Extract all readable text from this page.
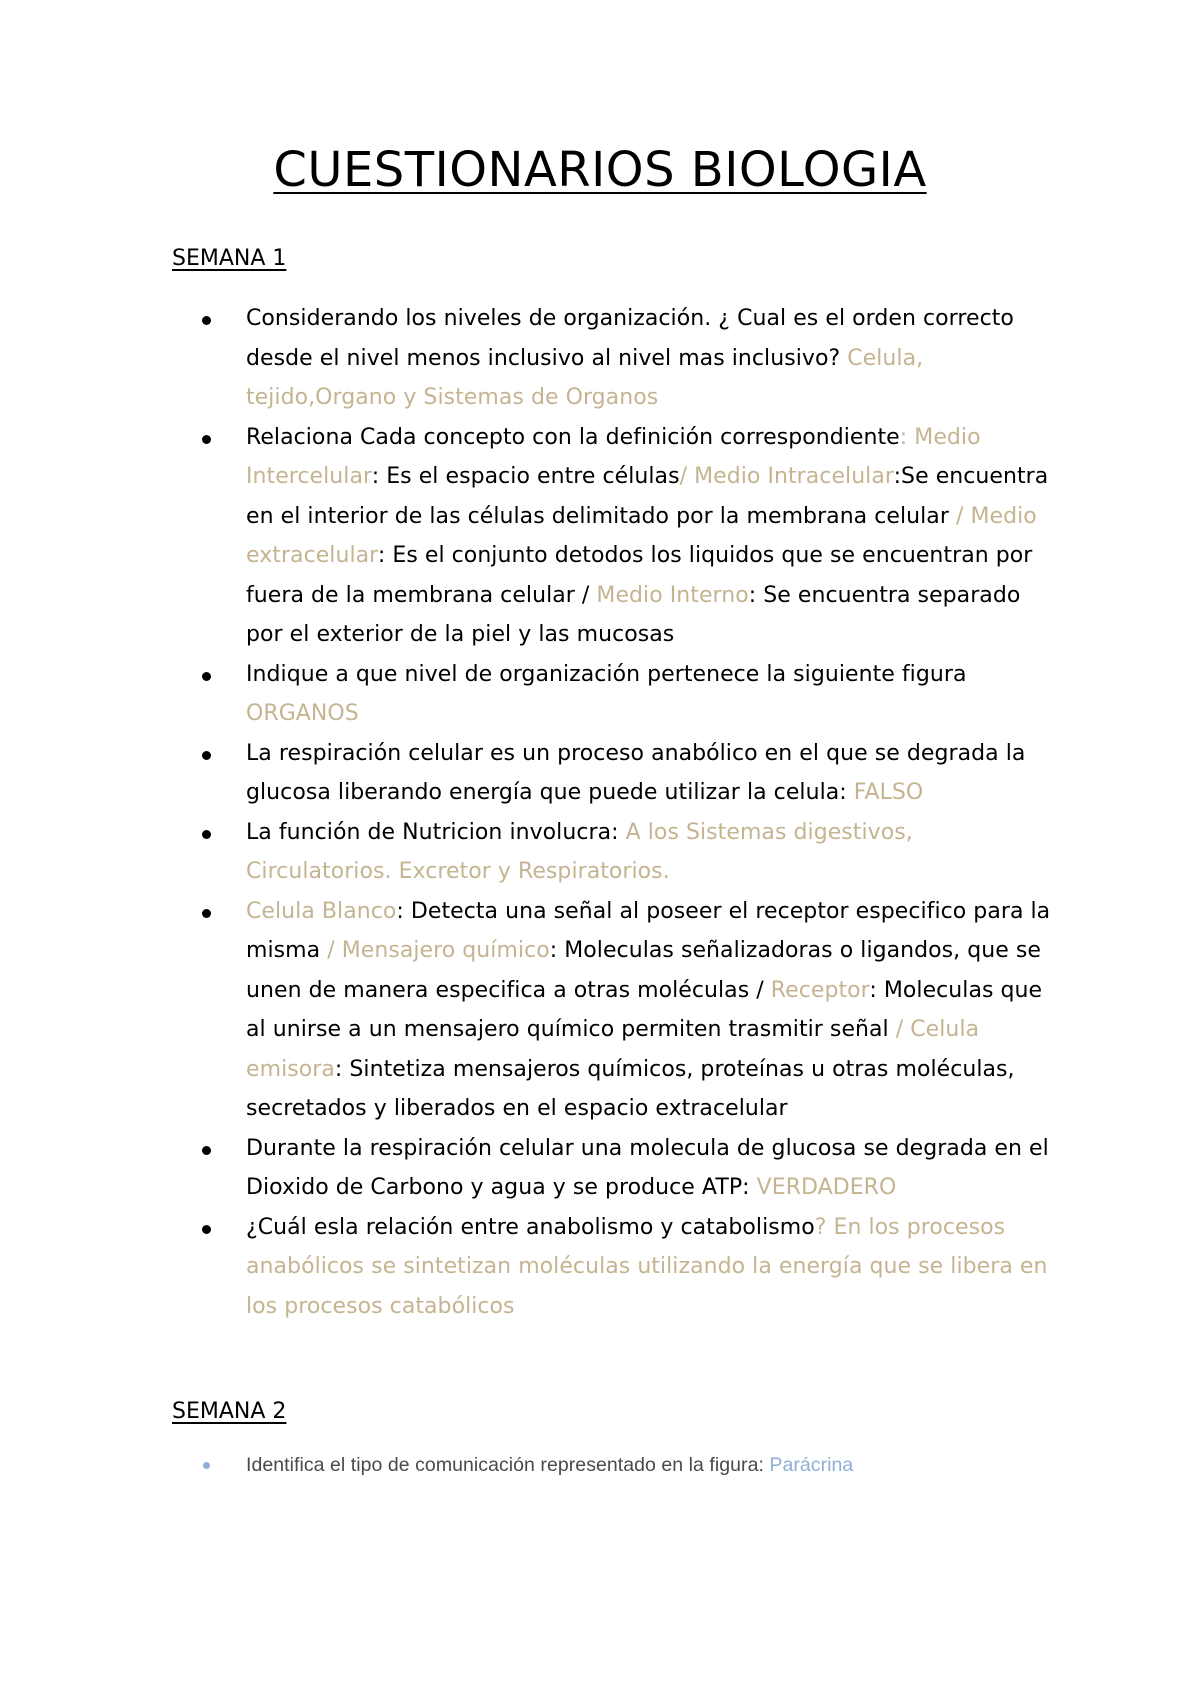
CUESTIONARIOS BIOLOGIA
SEMANA 1
Considerando los niveles de organización. ¿ Cual es el orden correcto desde el nivel menos inclusivo al nivel mas inclusivo? Celula, tejido,Organo y Sistemas de Organos
Relaciona Cada concepto con la definición correspondiente: Medio Intercelular: Es el espacio entre células/ Medio Intracelular:Se encuentra en el interior de las células delimitado por la membrana celular / Medio extracelular: Es el conjunto detodos los liquidos que se encuentran por fuera de la membrana celular / Medio Interno: Se encuentra separado por el exterior de la piel y las mucosas
Indique a que nivel de organización pertenece la siguiente figura ORGANOS
La respiración celular es un proceso anabólico en el que se degrada la glucosa liberando energía que puede utilizar la celula: FALSO
La función de Nutricion involucra: A los Sistemas digestivos, Circulatorios. Excretor y Respiratorios.
Celula Blanco: Detecta una señal al poseer el receptor especifico para la misma / Mensajero químico: Moleculas señalizadoras o ligandos, que se unen de manera especifica a otras moléculas / Receptor: Moleculas que al unirse a un mensajero químico permiten trasmitir señal / Celula emisora: Sintetiza mensajeros químicos, proteínas u otras moléculas, secretados y liberados en el espacio extracelular
Durante la respiración celular una molecula de glucosa se degrada en el Dioxido de Carbono y agua y se produce ATP: VERDADERO
¿Cuál esla relación entre anabolismo y catabolismo? En los procesos anabólicos se sintetizan moléculas utilizando la energía que se libera en los procesos catabólicos
SEMANA 2
Identifica el tipo de comunicación representado en la figura: Parácrina
